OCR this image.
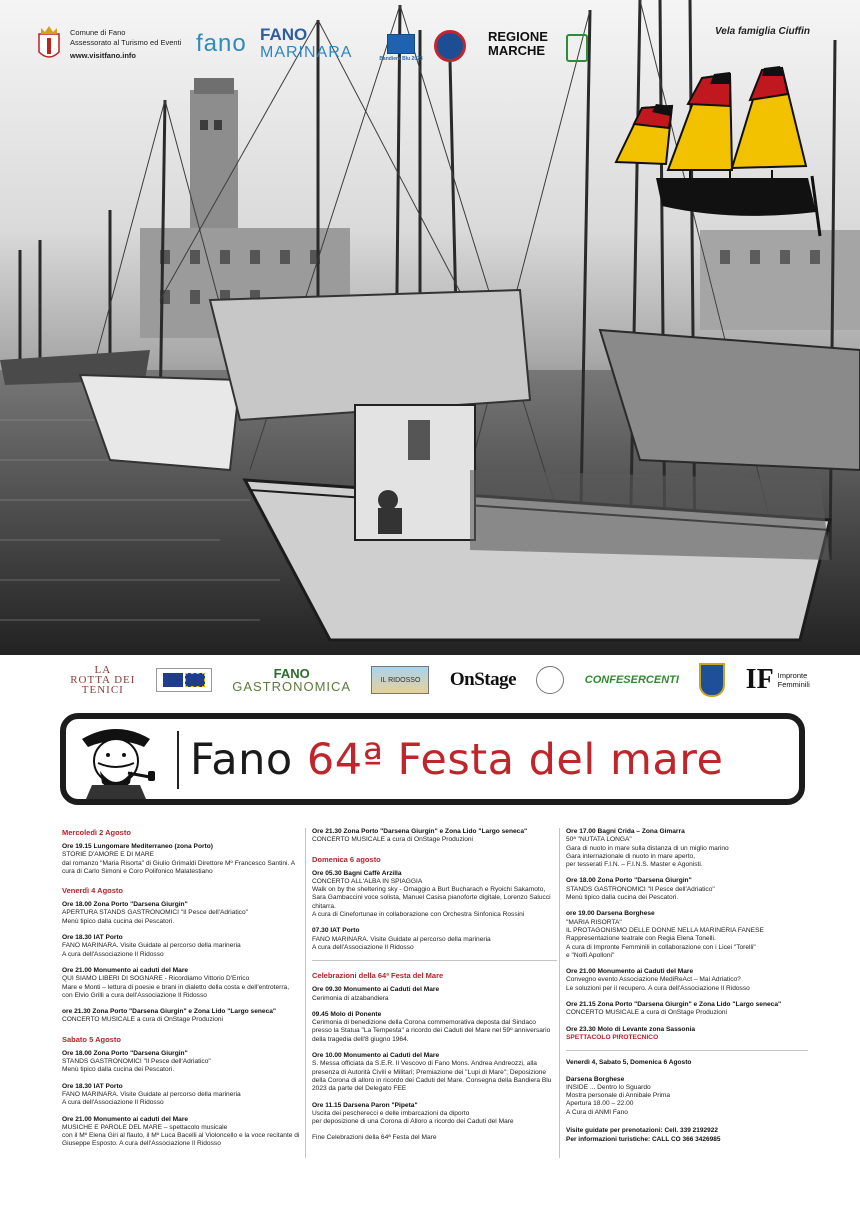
Comune di Fano
Assessorato al Turismo ed Eventi
www.visitfano.info	fano FANO
MARINARA	Bandiera Blu 2023
REGIONE
MARCHE
Vela famiglia Ciuffin
LA
ROTTA DEI
TENICI
FANO
GASTRONOMICA	IL RIDOSSO	OnStage	CONFESERCENTI IF Impronte
Femminili
Fano 64ª Festa del mare
Mercoledì 2 Agosto
Ore 19.15 Lungomare Mediterraneo (zona Porto)

STORIE D'AMORE E DI MARE

dal romanzo "Maria Risorta" di Giulio Grimaldi Direttore Mº Francesco Santini. A cura di Carlo Simoni e Coro Polifonico Malatestiano

Venerdì 4 Agosto
Ore 18.00 Zona Porto "Darsena Giurgin"

APERTURA STANDS GASTRONOMICI "Il Pesce dell'Adriatico"

Menù tipico dalla cucina dei Pescatori.

Ore 18.30 IAT Porto

FANO MARINARA. Visite Guidate al percorso della marineria

A cura dell'Associazione Il Ridosso

Ore 21.00 Monumento ai caduti del Mare

QUI SIAMO LIBERI DI SOGNARE - Ricordiamo Vittorio D'Errico

Mare e Monti – lettura di poesie e brani in dialetto della costa e dell'entroterra, con Elvio Grilli a cura dell'Associazione Il Ridosso

ore 21.30 Zona Porto "Darsena Giurgin" e Zona Lido "Largo seneca"

CONCERTO MUSICALE a cura di OnStage Produzioni

Sabato 5 Agosto
Ore 18.00 Zona Porto "Darsena Giurgin"

STANDS GASTRONOMICI "Il Pesce dell'Adriatico"

Menù tipico dalla cucina dei Pescatori.

Ore 18.30 IAT Porto

FANO MARINARA. Visite Guidate al percorso della marineria

A cura dell'Associazione Il Ridosso

Ore 21.00 Monumento ai caduti del Mare

MUSICHE E PAROLE DEL MARE – spettacolo musicale

con il Mº Elena Giri al flauto, il Mº Luca Bacelli al Violoncello e la voce recitante di Giuseppe Esposto. A cura dell'Associazione Il Ridosso

Ore 21.30 Zona Porto "Darsena Giurgin" e Zona Lido "Largo seneca"

CONCERTO MUSICALE a cura di OnStage Produzioni

Domenica 6 agosto
Ore 05.30 Bagni Caffè Arzilla

CONCERTO ALL'ALBA IN SPIAGGIA

Walk on by the sheltering sky - Omaggio a Burt Bucharach e Ryoichi Sakamoto, Sara Gambaccini voce solista, Manuel Casisa pianoforte digitale, Lorenzo Salucci chitarra.

A cura di Cinefortunae in collaborazione con Orchestra Sinfonica Rossini

07.30 IAT Porto

FANO MARINARA. Visite Guidate al percorso della marineria

A cura dell'Associazione Il Ridosso

Celebrazioni della 64ª Festa del Mare
Ore 09.30 Monumento ai Caduti del Mare

Cerimonia di alzabandiera

09.45 Molo di Ponente

Cerimonia di benedizione della Corona commemorativa deposta dal Sindaco presso la Statua "La Tempesta" a ricordo dei Caduti del Mare nel 59º anniversario della tragedia dell'8 giugno 1964.

Ore 10.00 Monumento ai Caduti del Mare

S. Messa officiata da S.E.R. Il Vescovo di Fano Mons. Andrea Andreozzi, alla presenza di Autorità Civili e Militari; Premiazione dei "Lupi di Mare"; Deposizione della Corona di alloro in ricordo dei Caduti del Mare. Consegna della Bandiera Blu 2023 da parte del Delegato FEE

Ore 11.15 Darsena Paron "Pipeta"

Uscita dei pescherecci e delle imbarcazioni da diporto

per deposizione di una Corona di Alloro a ricordo dei Caduti del Mare

Fine Celebrazioni della 64ª Festa del Mare

Ore 17.00 Bagni Crida – Zona Gimarra

50ª "NUTATA LONGA"

Gara di nuoto in mare sulla distanza di un miglio marino

Gara internazionale di nuoto in mare aperto,

per tesserati F.I.N. – F.I.N.S. Master e Agonisti.

Ore 18.00 Zona Porto "Darsena Giurgin"

STANDS GASTRONOMICI "Il Pesce dell'Adriatico"

Menù tipico dalla cucina dei Pescatori.

ore 19.00 Darsena Borghese

"MARIA RISORTA"

IL PROTAGONISMO DELLE DONNE NELLA MARINERIA FANESE

Rappresentazione teatrale con Regia Elena Tonelli.

A cura di Impronte Femminili in collaborazione con i Licei "Torelli"

e "Nolfi Apolloni"

Ore 21.00 Monumento ai Caduti del Mare

Convegno evento Associazione MediReAct – Mai Adriatico?

Le soluzioni per il recupero. A cura dell'Associazione Il Ridosso

Ore 21.15 Zona Porto "Darsena Giurgin" e Zona Lido "Largo seneca"

CONCERTO MUSICALE a cura di OnStage Produzioni

Ore 23.30 Molo di Levante zona Sassonia
SPETTACOLO PIROTECNICO
Venerdì 4, Sabato 5, Domenica 6 Agosto
Darsena Borghese

INSIDE ... Dentro lo Sguardo

Mostra personale di Annibale Prima

Apertura 18.00 – 22.00

A Cura di ANMI Fano

Visite guidate per prenotazioni: Cell. 339 2192922
Per informazioni turistiche: CALL CO 366 3426985
